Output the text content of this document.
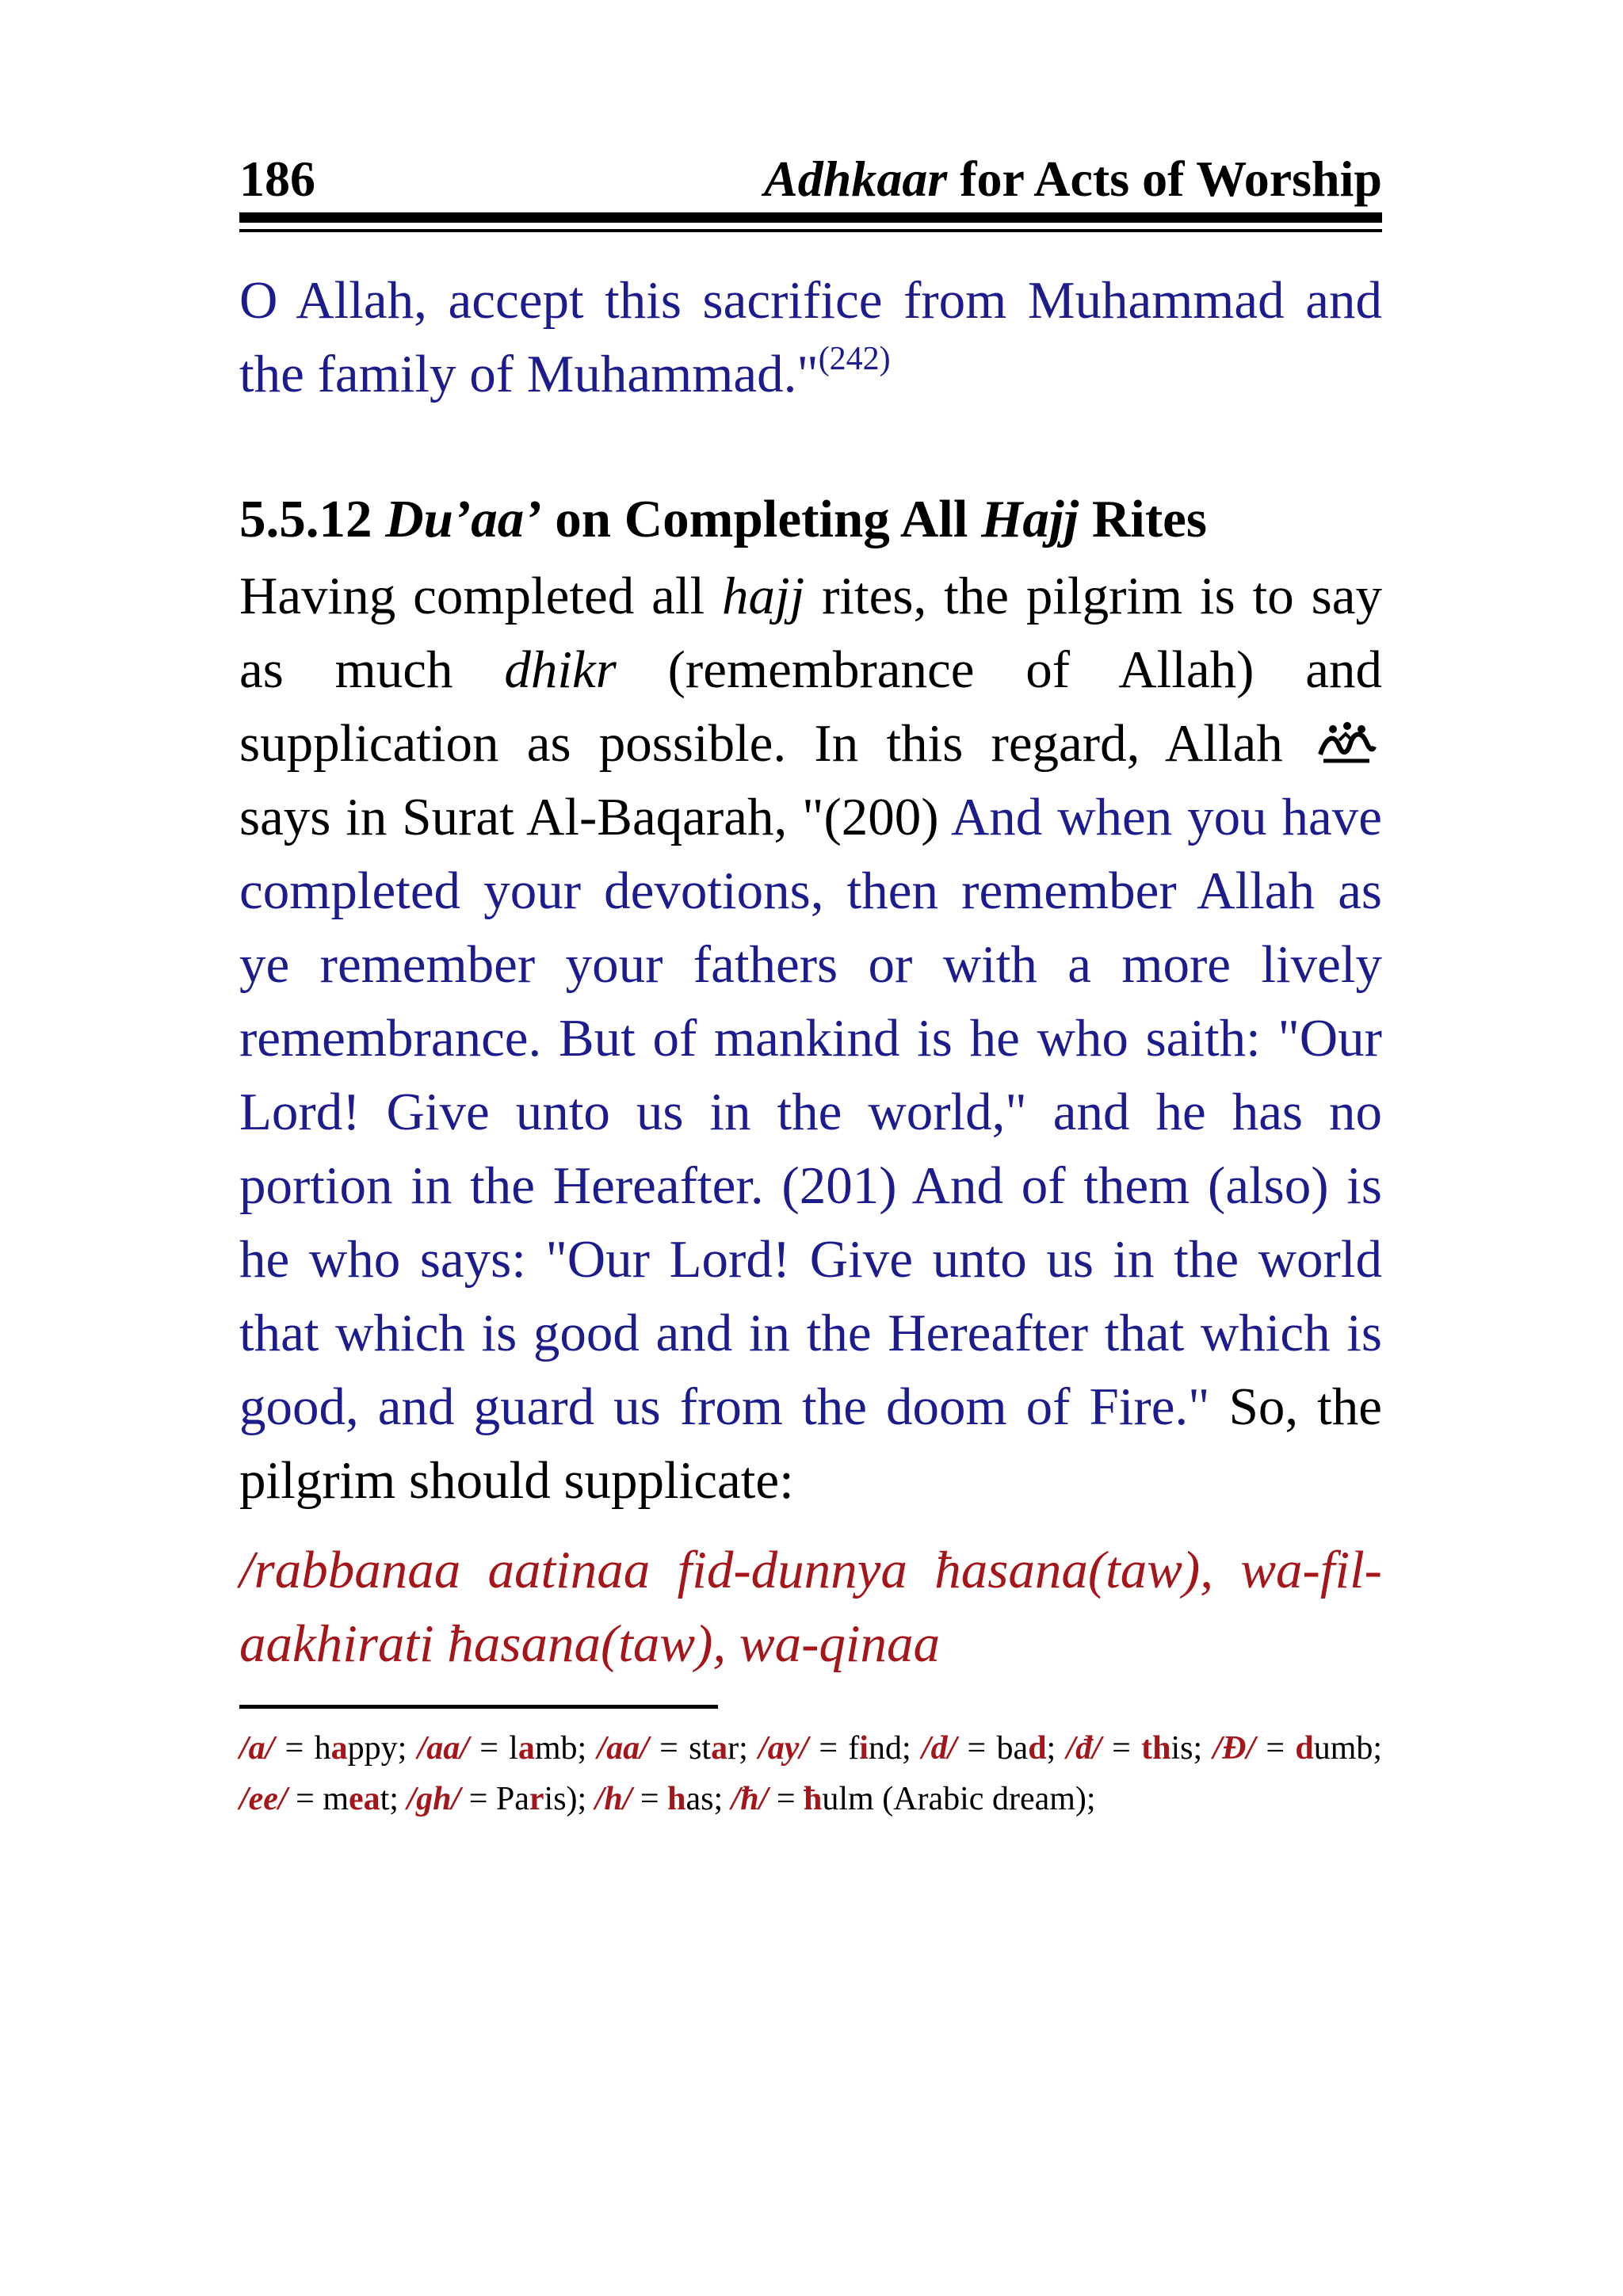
186	Adhkaar for Acts of Worship

O Allah, accept this sacrifice from Muhammad and the family of Muhammad."$^{(242)}$

5.5.12 Du’aa’ on Completing All Hajj Rites

Having completed all hajj rites, the pilgrim is to say as much dhikr (remembrance of Allah) and supplication as possible. In this regard, Allah  says in Surat Al-Baqarah, "(200) And when you have completed your devotions, then remember Allah as ye remember your fathers or with a more lively remembrance. But of mankind is he who saith: "Our Lord! Give unto us in the world," and he has no portion in the Hereafter. (201) And of them (also) is he who says: "Our Lord! Give unto us in the world that which is good and in the Hereafter that which is good, and guard us from the doom of Fire." So, the pilgrim should supplicate:

/rabbanaa aatinaa fid-dunnya ħasana(taw), wa-fil-aakhirati ħasana(taw), wa-qinaa

/a/ = happy; /aa/ = lamb; /aa/ = star; /ay/ = find; /d/ = bad; /đ/ = this; /Đ/ = dumb; /ee/ = meat; /gh/ = Paris); /h/ = has; /ħ/ = ħulm (Arabic dream);
